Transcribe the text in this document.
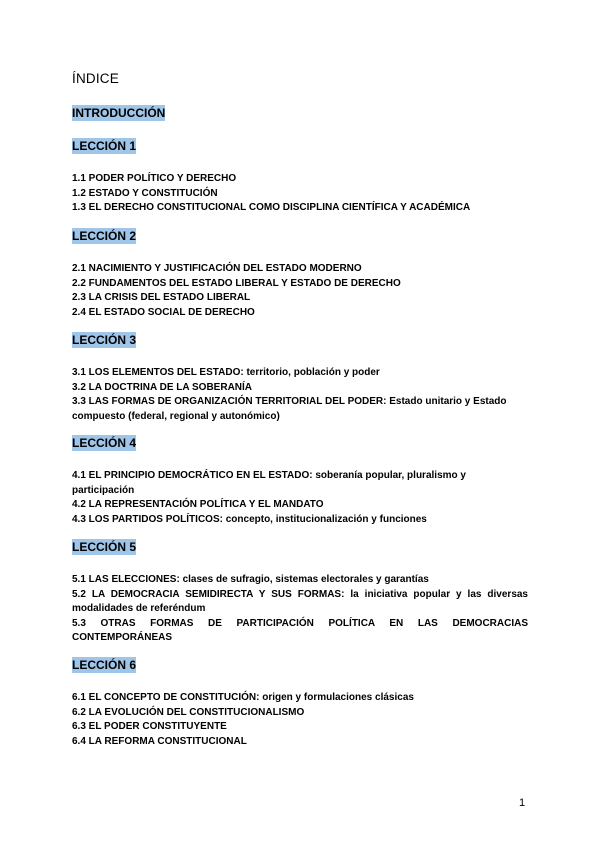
ÍNDICE
INTRODUCCIÓN
LECCIÓN 1
1.1 PODER POLÍTICO Y DERECHO
1.2 ESTADO Y CONSTITUCIÓN
1.3 EL DERECHO CONSTITUCIONAL COMO DISCIPLINA CIENTÍFICA Y ACADÉMICA
LECCIÓN 2
2.1 NACIMIENTO Y JUSTIFICACIÓN DEL ESTADO MODERNO
2.2 FUNDAMENTOS DEL ESTADO LIBERAL Y ESTADO DE DERECHO
2.3 LA CRISIS DEL ESTADO LIBERAL
2.4 EL ESTADO SOCIAL DE DERECHO
LECCIÓN 3
3.1 LOS ELEMENTOS DEL ESTADO: territorio, población y poder
3.2 LA DOCTRINA DE LA SOBERANÍA
3.3 LAS FORMAS DE ORGANIZACIÓN TERRITORIAL DEL PODER: Estado unitario y Estado compuesto (federal, regional y autonómico)
LECCIÓN 4
4.1 EL PRINCIPIO DEMOCRÁTICO EN EL ESTADO: soberanía popular, pluralismo y participación
4.2 LA REPRESENTACIÓN POLÍTICA Y EL MANDATO
4.3 LOS PARTIDOS POLÍTICOS: concepto, institucionalización y funciones
LECCIÓN 5
5.1 LAS ELECCIONES: clases de sufragio, sistemas electorales y garantías
5.2 LA DEMOCRACIA SEMIDIRECTA Y SUS FORMAS: la iniciativa popular y las diversas modalidades de referéndum
5.3 OTRAS FORMAS DE PARTICIPACIÓN POLÍTICA EN LAS DEMOCRACIAS CONTEMPORÁNEAS
LECCIÓN 6
6.1 EL CONCEPTO DE CONSTITUCIÓN: origen y formulaciones clásicas
6.2 LA EVOLUCIÓN DEL CONSTITUCIONALISMO
6.3 EL PODER CONSTITUYENTE
6.4 LA REFORMA CONSTITUCIONAL
1
